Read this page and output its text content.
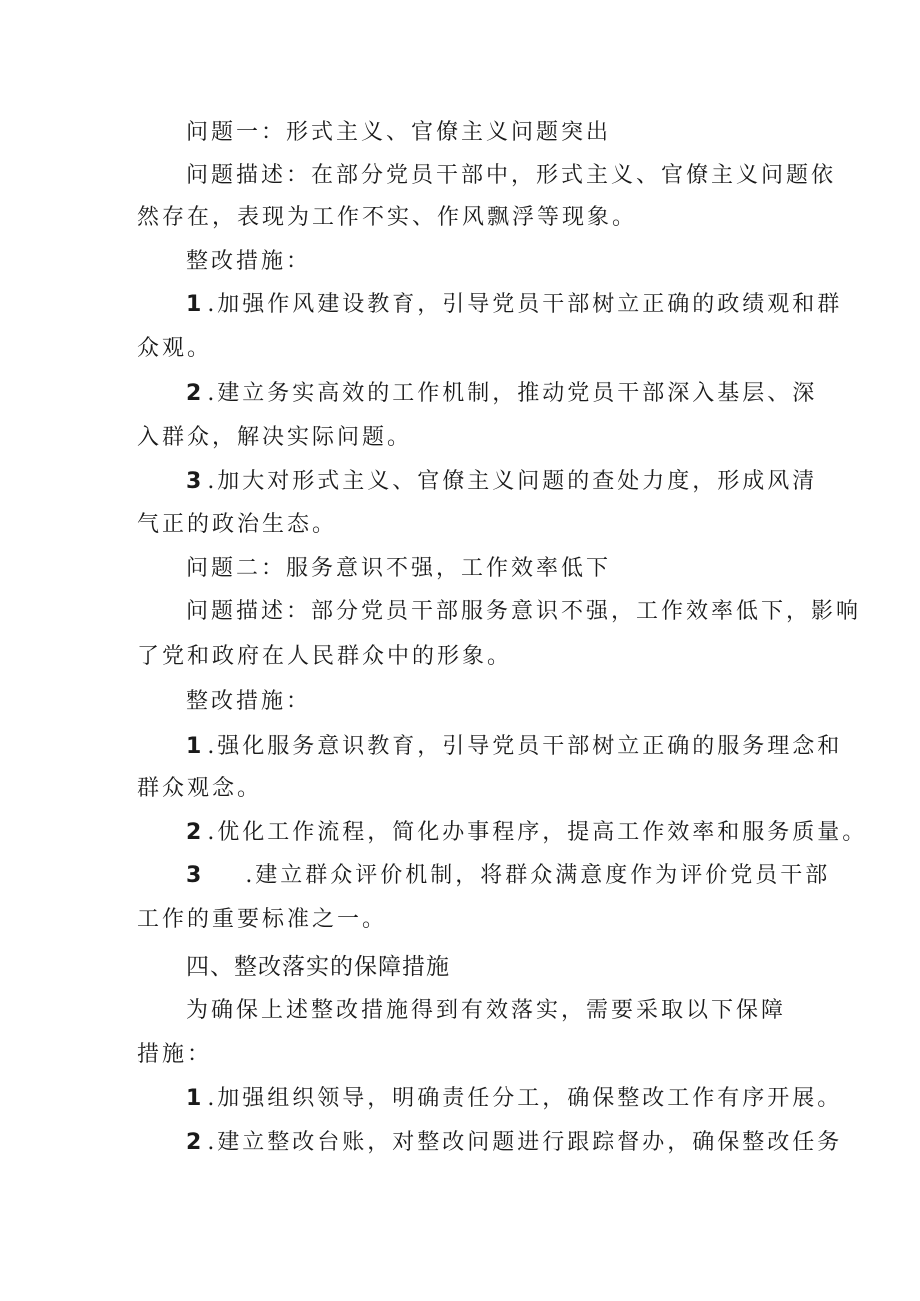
问题一：形式主义、官僚主义问题突出
问题描述：在部分党员干部中，形式主义、官僚主义问题依
然存在，表现为工作不实、作风飘浮等现象。
整改措施：
1 .加强作风建设教育，引导党员干部树立正确的政绩观和群
众观。
2 .建立务实高效的工作机制，推动党员干部深入基层、深
入群众，解决实际问题。
3 .加大对形式主义、官僚主义问题的查处力度，形成风清
气正的政治生态。
问题二：服务意识不强，工作效率低下
问题描述：部分党员干部服务意识不强，工作效率低下，影响
了党和政府在人民群众中的形象。
整改措施：
1 .强化服务意识教育，引导党员干部树立正确的服务理念和
群众观念。
2 .优化工作流程，简化办事程序，提高工作效率和服务质量。
3 .建立群众评价机制，将群众满意度作为评价党员干部
工作的重要标准之一。
四、整改落实的保障措施
为确保上述整改措施得到有效落实，需要采取以下保障
措施：
1 .加强组织领导，明确责任分工，确保整改工作有序开展。
2 .建立整改台账，对整改问题进行跟踪督办，确保整改任务
